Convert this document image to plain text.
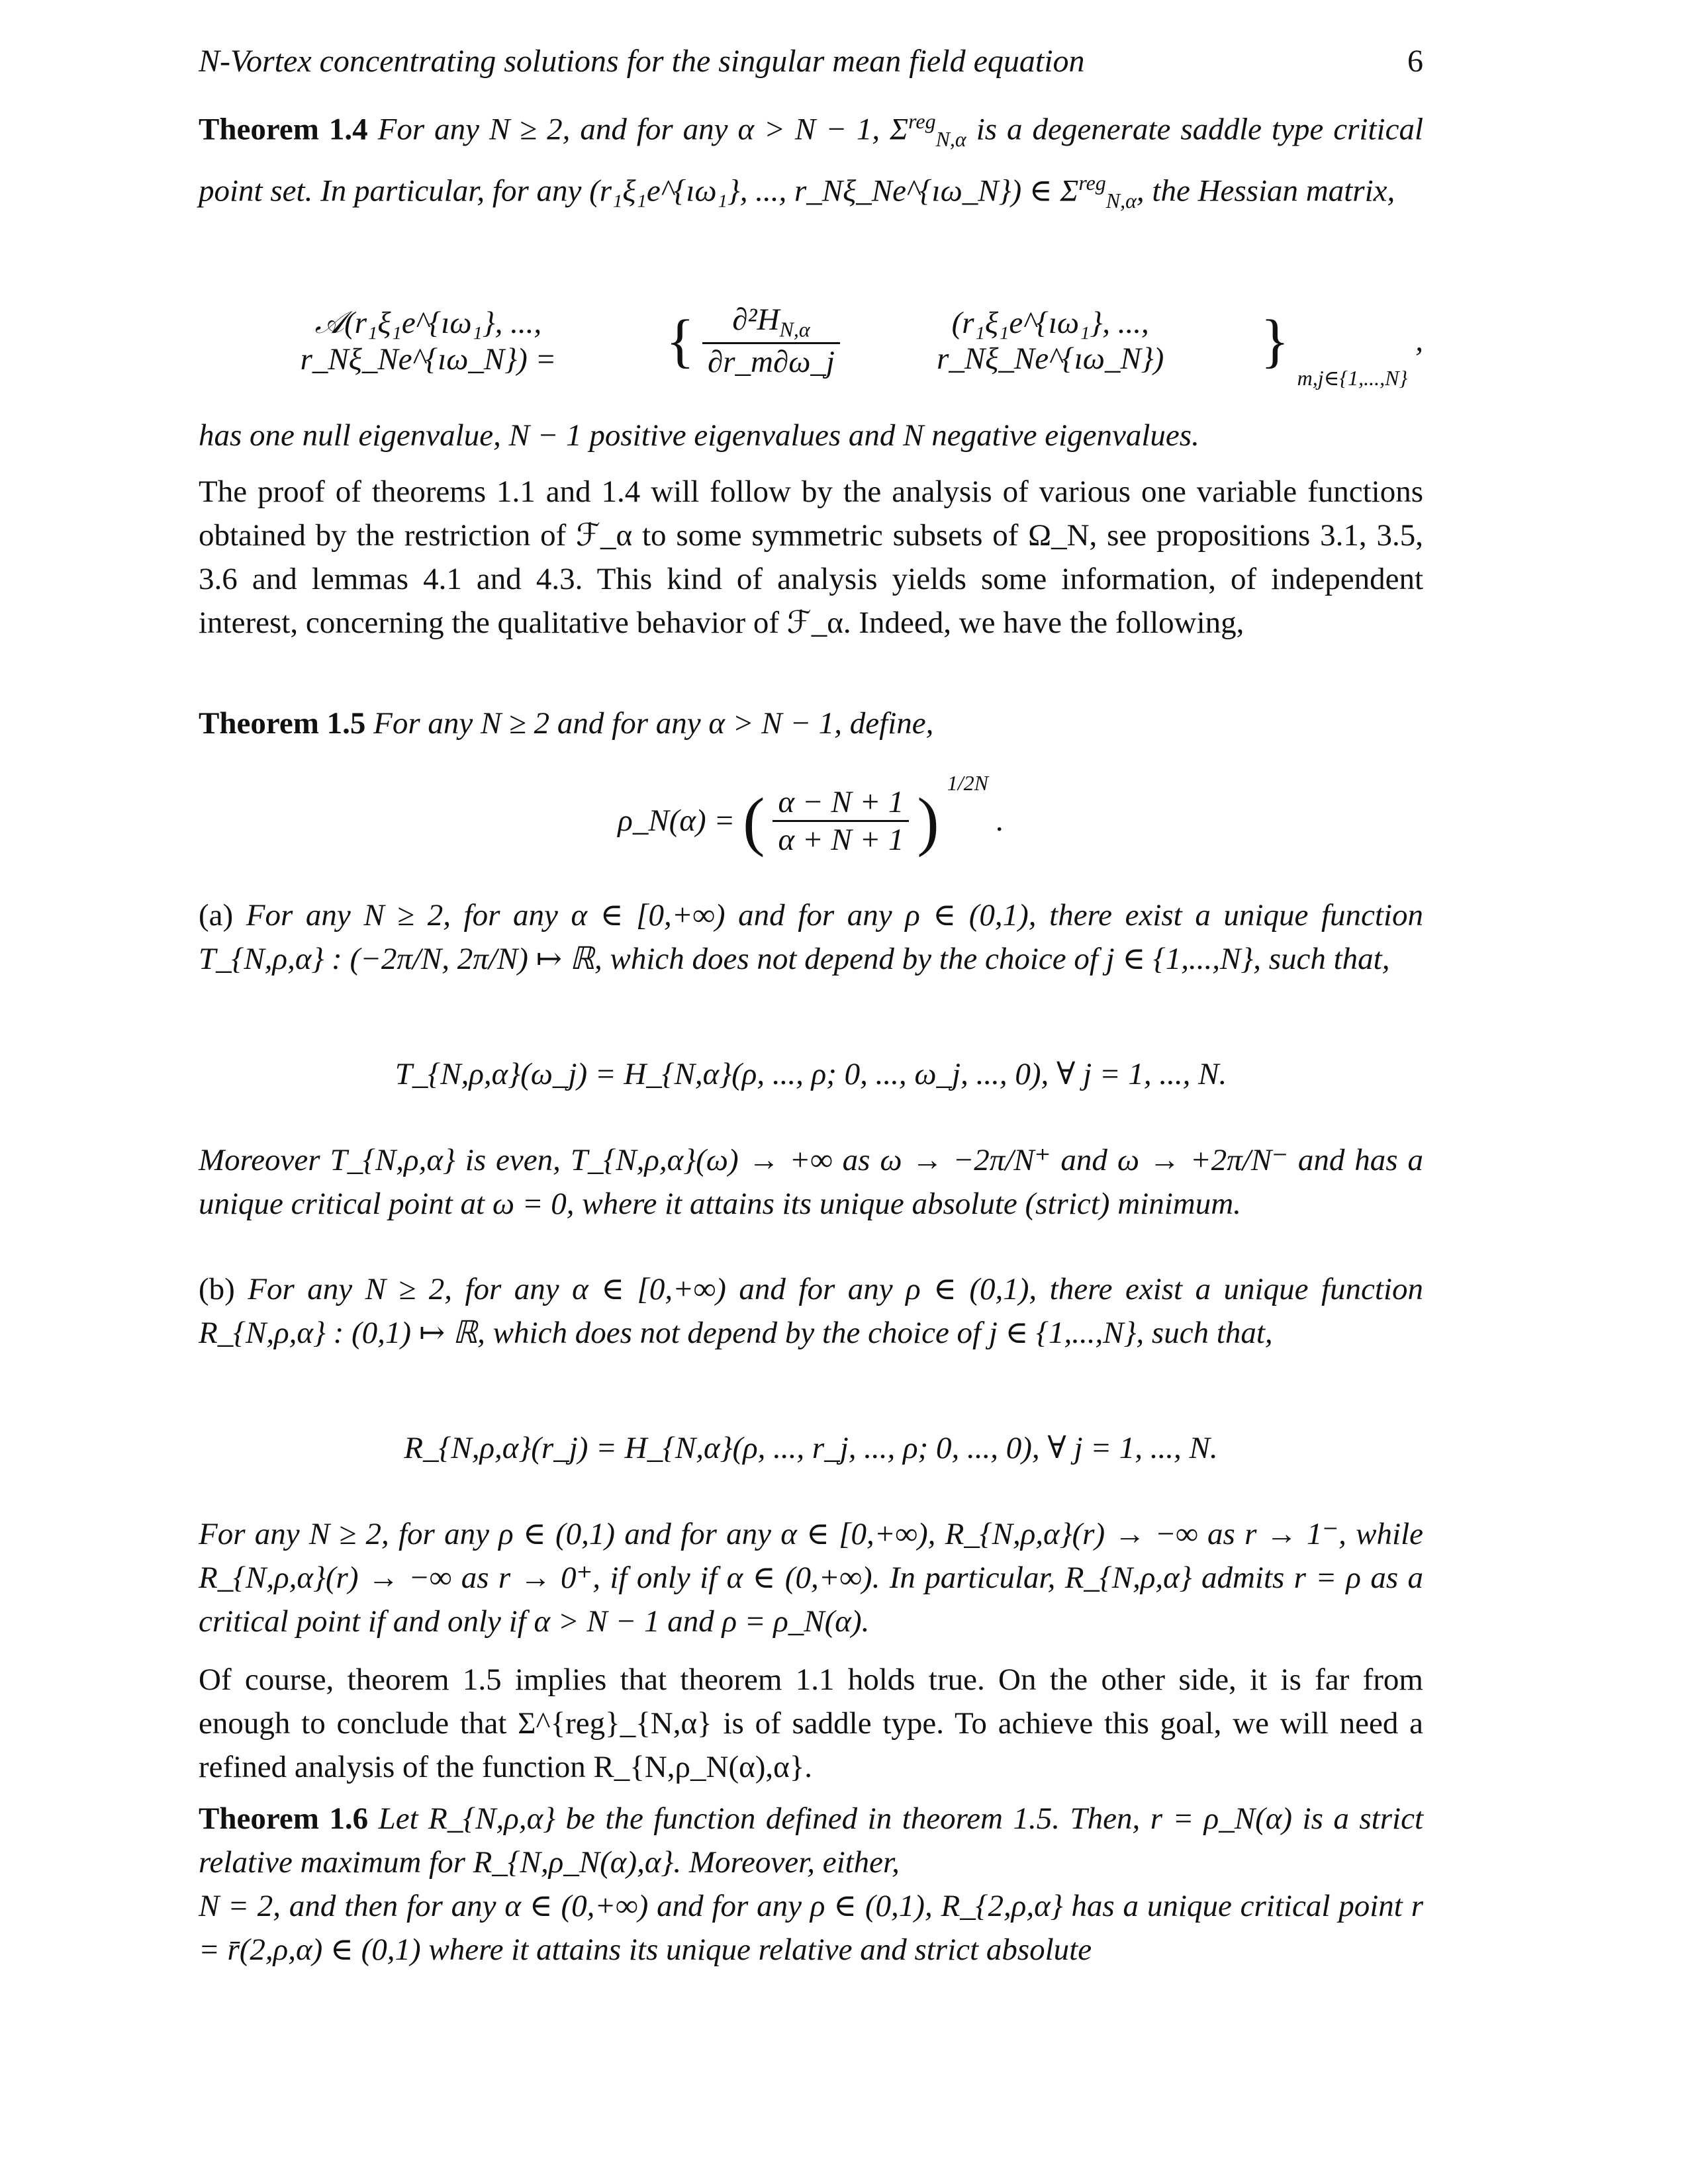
N-Vortex concentrating solutions for the singular mean field equation	6

Theorem 1.4 For any N ≥ 2, and for any α > N − 1, $\Sigma^{reg}_{N,\alpha}$ is a degenerate saddle type critical point set. In particular, for any (r₁ξ₁e^{ıω₁}, ..., r_Nξ_Ne^{ıω_N}) ∈ $\Sigma^{reg}_{N,\alpha}$, the Hessian matrix,

𝒜(r₁ξ₁e^{ıω₁}, ..., r_Nξ_Ne^{ıω_N}) =	{ $\frac{\partial^2H_{N,\alpha}}{\partial r\_m\partial\omega\_j}$	(r₁ξ₁e^{ıω₁}, ..., r_Nξ_Ne^{ıω_N})	}
m,j∈{1,...,N}
,

has one null eigenvalue, N − 1 positive eigenvalues and N negative eigenvalues.

The proof of theorems 1.1 and 1.4 will follow by the analysis of various one variable functions obtained by the restriction of ℱ_α to some symmetric subsets of Ω_N, see propositions 3.1, 3.5, 3.6 and lemmas 4.1 and 4.3. This kind of analysis yields some information, of independent interest, concerning the qualitative behavior of ℱ_α. Indeed, we have the following,

Theorem 1.5 For any N ≥ 2 and for any α > N − 1, define,

ρ_N(α) = ( $\frac{\alpha - N + 1}{\alpha + N + 1}$ )
1/2N
.

(a) For any N ≥ 2, for any α ∈ [0,+∞) and for any ρ ∈ (0,1), there exist a unique function T_{N,ρ,α} : (−2π/N, 2π/N) ↦ ℝ, which does not depend by the choice of j ∈ {1,...,N}, such that,

T_{N,ρ,α}(ω_j) = H_{N,α}(ρ, ..., ρ; 0, ..., ω_j, ..., 0), ∀ j = 1, ..., N.

Moreover T_{N,ρ,α} is even, T_{N,ρ,α}(ω) → +∞ as ω → −2π/N⁺ and ω → +2π/N⁻ and has a unique critical point at ω = 0, where it attains its unique absolute (strict) minimum.

(b) For any N ≥ 2, for any α ∈ [0,+∞) and for any ρ ∈ (0,1), there exist a unique function R_{N,ρ,α} : (0,1) ↦ ℝ, which does not depend by the choice of j ∈ {1,...,N}, such that,

R_{N,ρ,α}(r_j) = H_{N,α}(ρ, ..., r_j, ..., ρ; 0, ..., 0), ∀ j = 1, ..., N.

For any N ≥ 2, for any ρ ∈ (0,1) and for any α ∈ [0,+∞), R_{N,ρ,α}(r) → −∞ as r → 1⁻, while R_{N,ρ,α}(r) → −∞ as r → 0⁺, if only if α ∈ (0,+∞). In particular, R_{N,ρ,α} admits r = ρ as a critical point if and only if α > N − 1 and ρ = ρ_N(α).

Of course, theorem 1.5 implies that theorem 1.1 holds true. On the other side, it is far from enough to conclude that Σ^{reg}_{N,α} is of saddle type. To achieve this goal, we will need a refined analysis of the function R_{N,ρ_N(α),α}.

Theorem 1.6 Let R_{N,ρ,α} be the function defined in theorem 1.5. Then, r = ρ_N(α) is a strict relative maximum for R_{N,ρ_N(α),α}. Moreover, either,
N = 2, and then for any α ∈ (0,+∞) and for any ρ ∈ (0,1), R_{2,ρ,α} has a unique critical point r = r̄(2,ρ,α) ∈ (0,1) where it attains its unique relative and strict absolute
